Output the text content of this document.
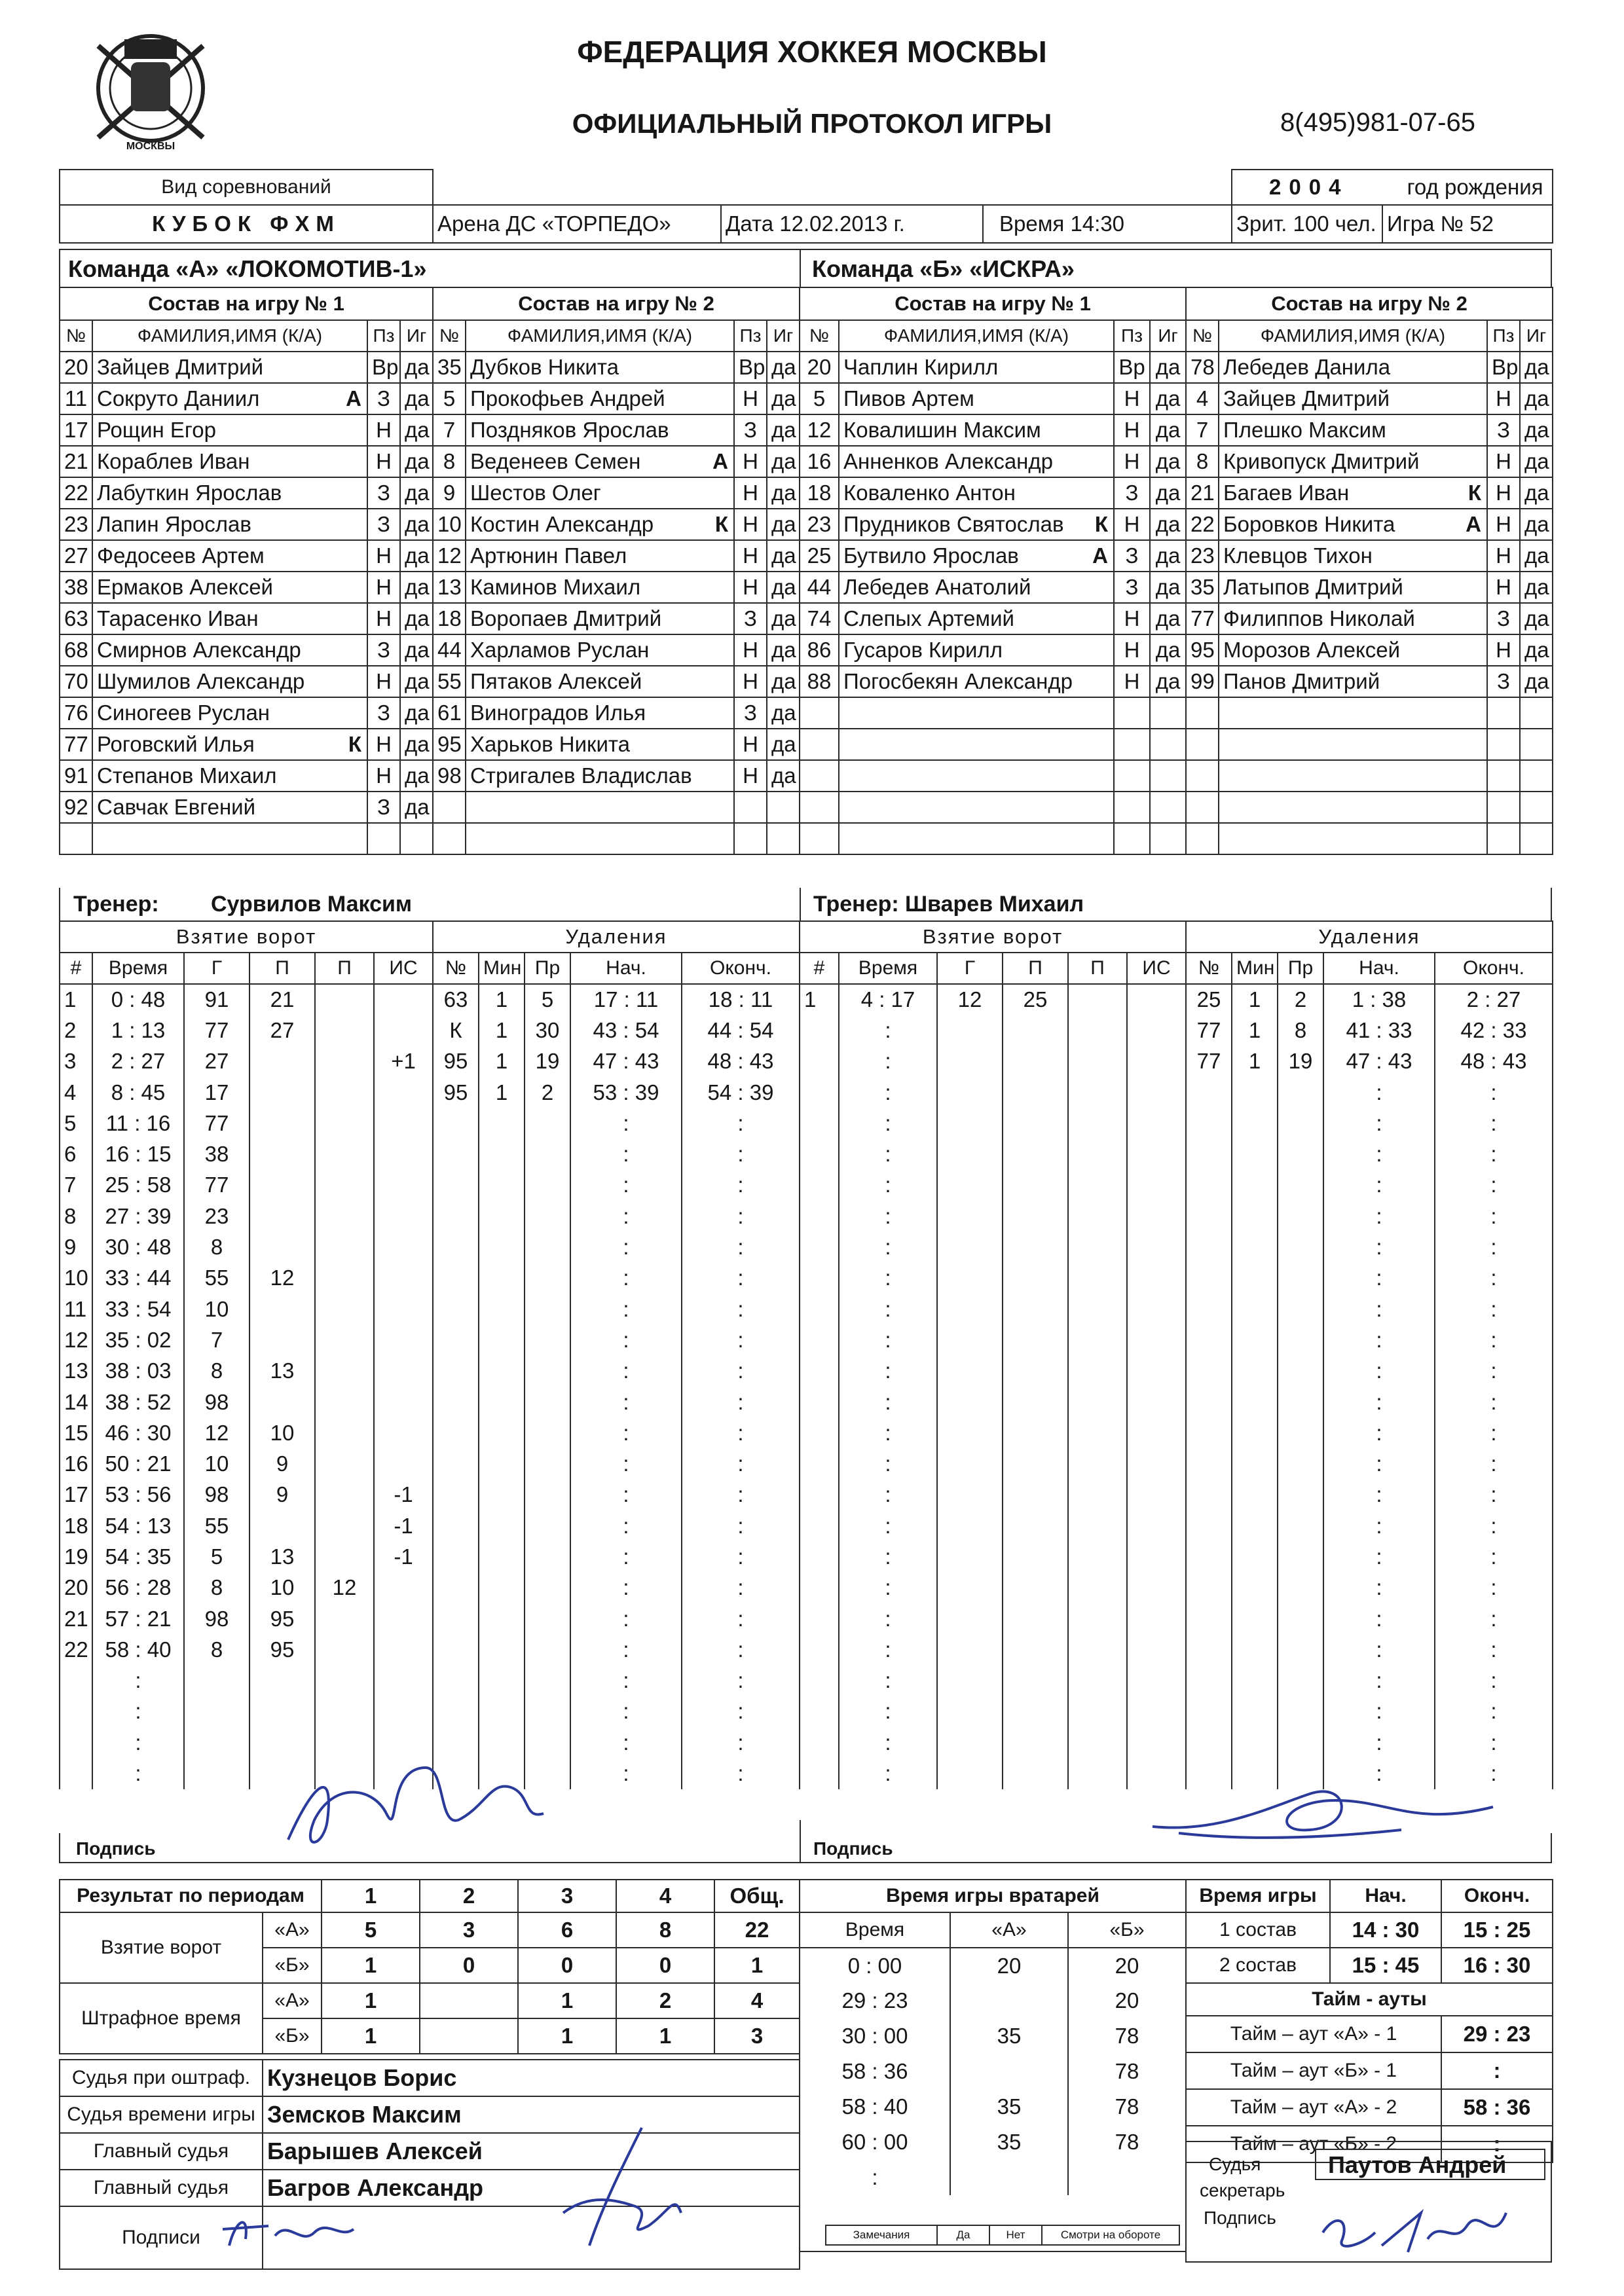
МОСКВЫ
ФЕДЕРАЦИЯ ХОККЕЯ МОСКВЫ
ОФИЦИАЛЬНЫЙ ПРОТОКОЛ ИГРЫ	8(495)981-07-65
Вид соревнований				2004 год рождения	
КУБОК ФХМ	Арена ДС «ТОРПЕДО»	Дата 12.02.2013 г.	Время 14:30	Зрит. 100 чел.	Игра № 52
Команда «А» «ЛОКОМОТИВ-1»	Команда «Б» «ИСКРА»
Состав на игру № 1			
№	ФАМИЛИЯ,ИМЯ (К/А)	Пз	Иг
20	Зайцев Дмитрий	Вр	да
11	Сокруто Даниил А	З	да
17	Рощин Егор	Н	да
21	Кораблев Иван	Н	да
22	Лабуткин Ярослав	З	да
23	Лапин Ярослав	З	да
27	Федосеев Артем	Н	да
38	Ермаков Алексей	Н	да
63	Тарасенко Иван	Н	да
68	Смирнов Александр	З	да
70	Шумилов Александр	Н	да
76	Синогеев Руслан	З	да
77	Роговский Илья К	Н	да
91	Степанов Михаил	Н	да
92	Савчак Евгений	З	да

Состав на игру № 2			
№	ФАМИЛИЯ,ИМЯ (К/А)	Пз	Иг
35	Дубков Никита	Вр	да
5	Прокофьев Андрей	Н	да
7	Поздняков Ярослав	З	да
8	Веденеев Семен А	Н	да
9	Шестов Олег	Н	да
10	Костин Александр К	Н	да
12	Артюнин Павел	Н	да
13	Каминов Михаил	Н	да
18	Воропаев Дмитрий	З	да
44	Харламов Руслан	Н	да
55	Пятаков Алексей	Н	да
61	Виноградов Илья	З	да
95	Харьков Никита	Н	да
98	Стригалев Владислав	Н	да

Состав на игру № 1			
№	ФАМИЛИЯ,ИМЯ (К/А)	Пз	Иг
20	Чаплин Кирилл	Вр	да
5	Пивов Артем	Н	да
12	Ковалишин Максим	Н	да
16	Анненков Александр	Н	да
18	Коваленко Антон	З	да
23	Прудников Святослав К	Н	да
25	Бутвило Ярослав А	З	да
44	Лебедев Анатолий	З	да
74	Слепых Артемий	Н	да
86	Гусаров Кирилл	Н	да
88	Погосбекян Александр	Н	да

Состав на игру № 2			
№	ФАМИЛИЯ,ИМЯ (К/А)	Пз	Иг
78	Лебедев Данила	Вр	да
4	Зайцев Дмитрий	Н	да
7	Плешко Максим	З	да
8	Кривопуск Дмитрий	Н	да
21	Багаев Иван К	Н	да
22	Боровков Никита А	Н	да
23	Клевцов Тихон	Н	да
35	Латыпов Дмитрий	Н	да
77	Филиппов Николай	З	да
95	Морозов Алексей	Н	да
99	Панов Дмитрий	З	да

Тренер: Сурвилов Максим	Тренер: Шварев Михаил
Взятие ворот					
#	Время	Г	П	П	ИС
1	0 : 48	91	21		
2	1 : 13	77	27		
3	2 : 27	27			+1
4	8 : 45	17			
5	11 : 16	77			
6	16 : 15	38			
7	25 : 58	77			
8	27 : 39	23			
9	30 : 48	8			
10	33 : 44	55	12		
11	33 : 54	10			
12	35 : 02	7			
13	38 : 03	8	13		
14	38 : 52	98			
15	46 : 30	12	10		
16	50 : 21	10	9		
17	53 : 56	98	9		-1
18	54 : 13	55			-1
19	54 : 35	5	13		-1
20	56 : 28	8	10	12	
21	57 : 21	98	95		
22	58 : 40	8	95		
	:				
	:				
	:				
	:				
Удаления				
№	Мин	Пр	Нач.	Оконч.
63	1	5	17 : 11	18 : 11
К	1	30	43 : 54	44 : 54
95	1	19	47 : 43	48 : 43
95	1	2	53 : 39	54 : 39
			:	:
			:	:
			:	:
			:	:
			:	:
			:	:
			:	:
			:	:
			:	:
			:	:
			:	:
			:	:
			:	:
			:	:
			:	:
			:	:
			:	:
			:	:
			:	:
			:	:
			:	:
			:	:
Взятие ворот					
#	Время	Г	П	П	ИС
1	4 : 17	12	25		
	:				
	:				
	:				
	:				
	:				
	:				
	:				
	:				
	:				
	:				
	:				
	:				
	:				
	:				
	:				
	:				
	:				
	:				
	:				
	:				
	:				
	:				
	:				
	:				
	:				
Удаления				
№	Мин	Пр	Нач.	Оконч.
25	1	2	1 : 38	2 : 27
77	1	8	41 : 33	42 : 33
77	1	19	47 : 43	48 : 43
			:	:
			:	:
			:	:
			:	:
			:	:
			:	:
			:	:
			:	:
			:	:
			:	:
			:	:
			:	:
			:	:
			:	:
			:	:
			:	:
			:	:
			:	:
			:	:
			:	:
			:	:
			:	:
			:	:
Подпись	Подпись
Результат по периодам		1	2	3	4	Общ.
Взятие ворот	«А»	5	3	6	8	22
	«Б»	1	0	0	0	1
Штрафное время	«А»	1		1	2	4
	«Б»	1		1	1	3
Судья при оштраф.	Кузнецов Борис
Судья времени игры	Земсков Максим
Главный судья	Барышев Алексей
Главный судья	Багров Александр
Подписи	
Время игры вратарей		
Время	«А»	«Б»
0 : 00	20	20
29 : 23		20
30 : 00	35	78
58 : 36		78
58 : 40	35	78
60 : 00	35	78
:		

Замечания	Да	Нет	Смотри на обороте
Время игры	Нач.	Оконч.
1 состав	14 : 30	15 : 25
2 состав	15 : 45	16 : 30
Тайм - ауты		
Тайм – аут «А» - 1		29 : 23
Тайм – аут «Б» - 1		:
Тайм – аут «А» - 2		58 : 36
Тайм – аут «Б» - 2		:
Судья
секретарь
Подпись
Паутов Андрей
